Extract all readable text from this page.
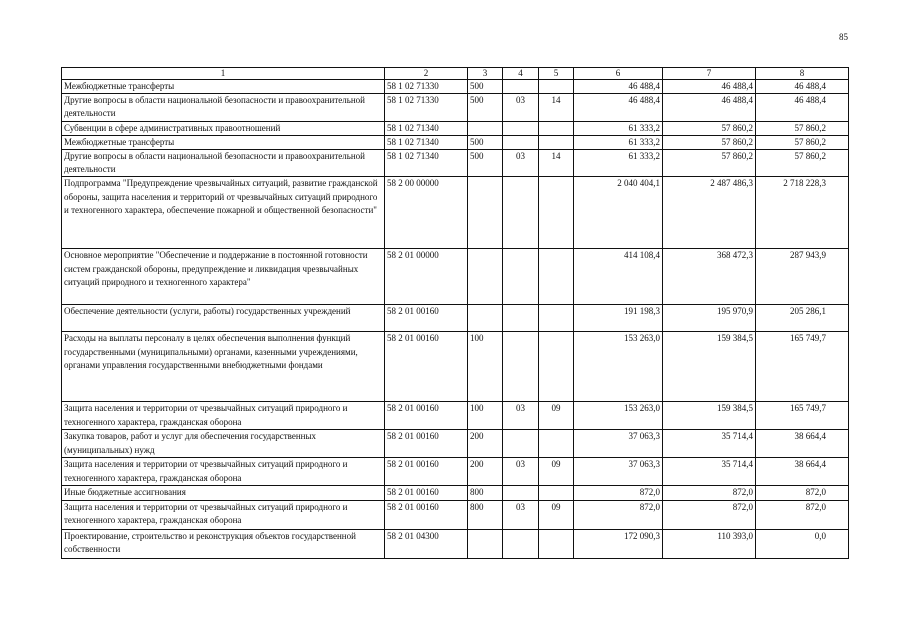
85
1	2	3	4	5	6	7	8
Межбюджетные трансферты	58 1 02 71330	500			46 488,4	46 488,4	46 488,4
Другие вопросы в области национальной безопасности и правоохранительной деятельности	58 1 02 71330	500	03	14	46 488,4	46 488,4	46 488,4
Субвенции в сфере административных правоотношений	58 1 02 71340				61 333,2	57 860,2	57 860,2
Межбюджетные трансферты	58 1 02 71340	500			61 333,2	57 860,2	57 860,2
Другие вопросы в области национальной безопасности и правоохранительной деятельности	58 1 02 71340	500	03	14	61 333,2	57 860,2	57 860,2
Подпрограмма "Предупреждение чрезвычайных ситуаций, развитие гражданской обороны, защита населения и территорий от чрезвычайных ситуаций природного и техногенного характера, обеспечение пожарной и общественной безопасности"	58 2 00 00000				2 040 404,1	2 487 486,3	2 718 228,3
Основное мероприятие "Обеспечение и поддержание в постоянной готовности систем гражданской обороны, предупреждение и ликвидация чрезвычайных ситуаций природного и техногенного характера"	58 2 01 00000				414 108,4	368 472,3	287 943,9
Обеспечение деятельности (услуги, работы) государственных учреждений	58 2 01 00160				191 198,3	195 970,9	205 286,1
Расходы на выплаты персоналу в целях обеспечения выполнения функций государственными (муниципальными) органами, казенными учреждениями, органами управления государственными внебюджетными фондами	58 2 01 00160	100			153 263,0	159 384,5	165 749,7
Защита населения и территории от чрезвычайных ситуаций природного и техногенного характера, гражданская оборона	58 2 01 00160	100	03	09	153 263,0	159 384,5	165 749,7
Закупка товаров, работ и услуг для обеспечения государственных (муниципальных) нужд	58 2 01 00160	200			37 063,3	35 714,4	38 664,4
Защита населения и территории от чрезвычайных ситуаций природного и техногенного характера, гражданская оборона	58 2 01 00160	200	03	09	37 063,3	35 714,4	38 664,4
Иные бюджетные ассигнования	58 2 01 00160	800			872,0	872,0	872,0
Защита населения и территории от чрезвычайных ситуаций природного и техногенного характера, гражданская оборона	58 2 01 00160	800	03	09	872,0	872,0	872,0
Проектирование, строительство и реконструкция объектов государственной собственности	58 2 01 04300				172 090,3	110 393,0	0,0
